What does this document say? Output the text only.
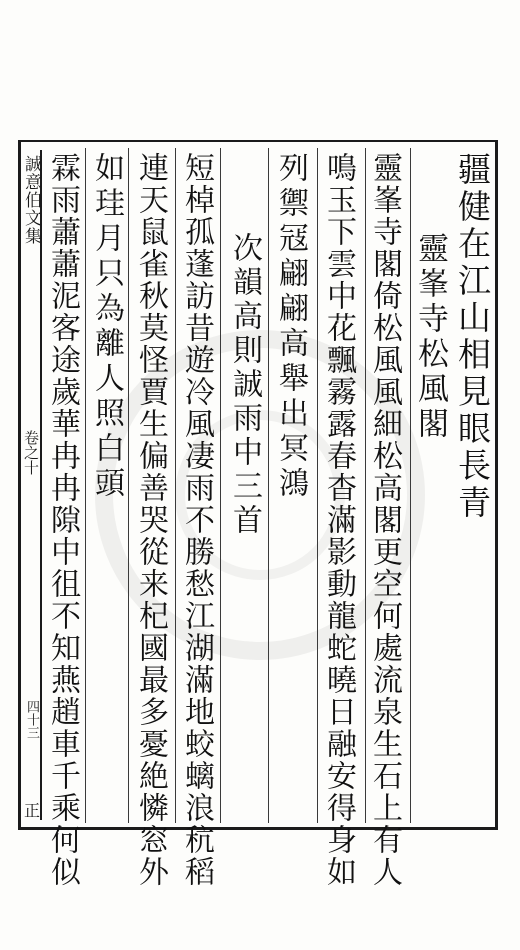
疆健在江山相見眼長青
靈峯寺松風閣
靈峯寺閣倚松風風細松高閣更空何處流泉生石上有人
鳴玉下雲中花飄霧露春杳滿影動龍蛇曉日融安得身如
列禦冦翩翩高舉出冥鴻
次韻高則誠雨中三首
短棹孤蓬訪昔遊冷風凄雨不勝愁江湖滿地蛟螭浪秔稻
連天鼠雀秋莫怪賈生偏善哭從来杞國最多憂絶憐窓外
如珪月只為離人照白頭
霖雨蕭蕭泥客途歲華冉冉隙中徂不知燕趙車千乘何似
誠意伯文集
卷之十
四十三
正
